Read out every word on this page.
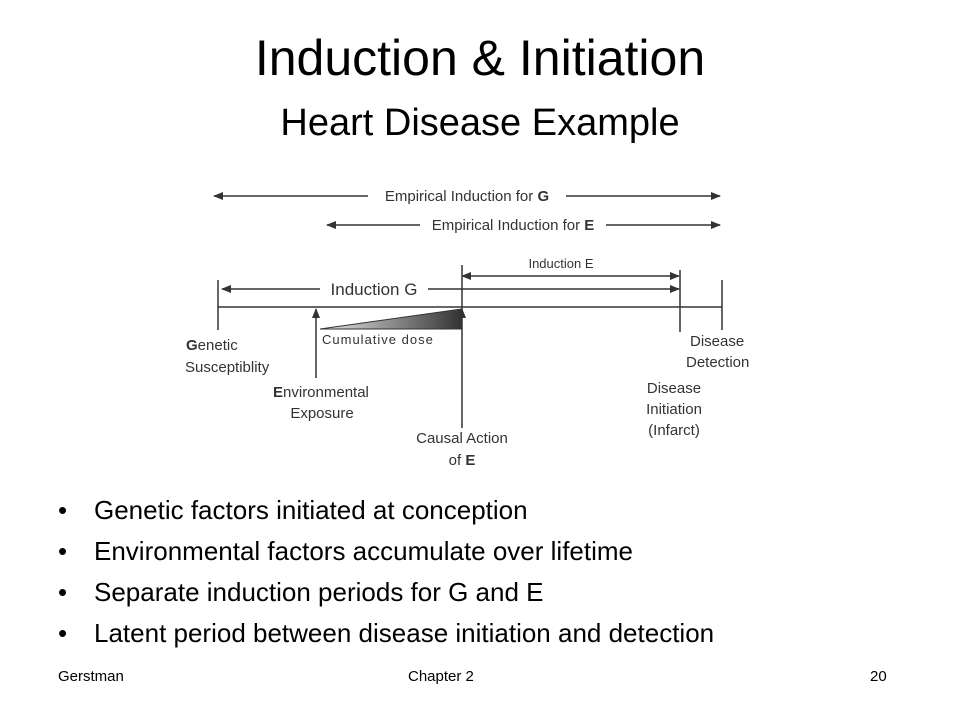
Induction & Initiation
Heart Disease Example
Empirical Induction for G
Empirical Induction for E
Induction E
Induction G
Cumulative dose
Genetic
Susceptiblity
Environmental
Exposure
Causal Action
of E
Disease
Detection
Disease
Initiation
(Infarct)
• Genetic factors initiated at conception
• Environmental factors accumulate over lifetime
• Separate induction periods for G and E
• Latent period between disease initiation and detection
Gerstman	Chapter 2	20
